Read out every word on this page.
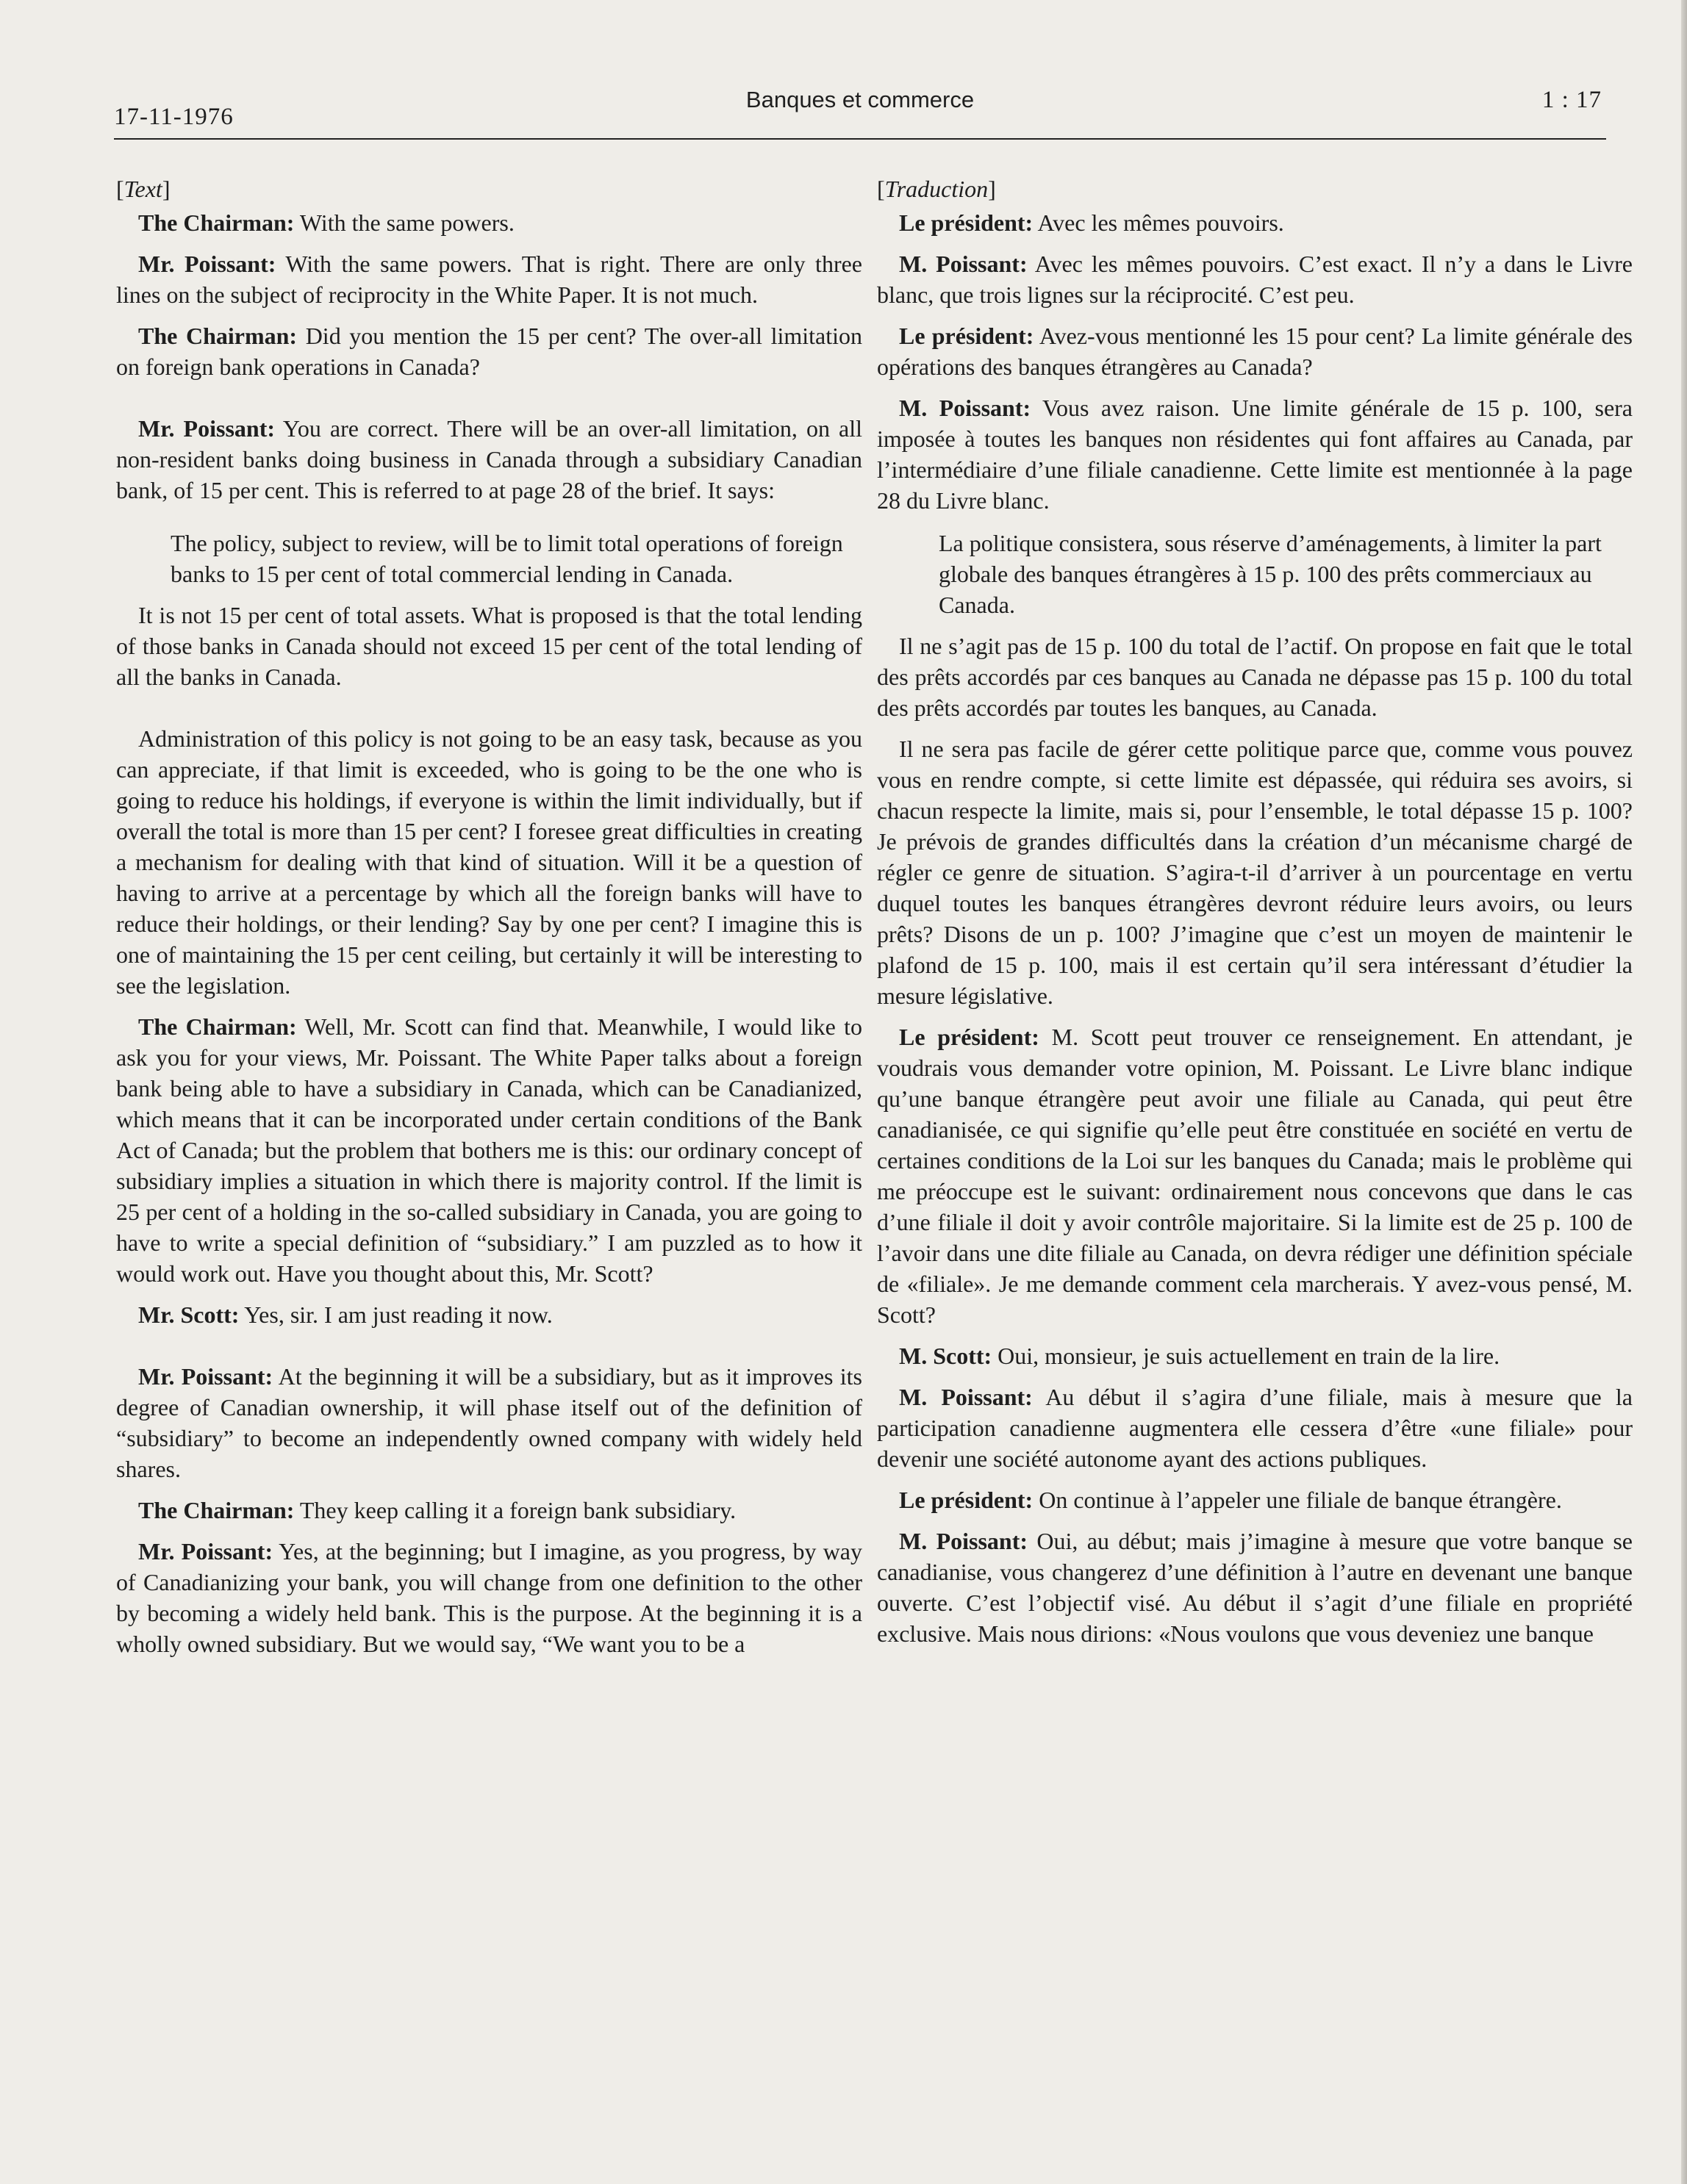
17-11-1976
Banques et commerce	1 : 17
[Text]

The Chairman: With the same powers.

Mr. Poissant: With the same powers. That is right. There are only three lines on the subject of reciprocity in the White Paper. It is not much.

The Chairman: Did you mention the 15 per cent? The over-all limitation on foreign bank operations in Canada?

Mr. Poissant: You are correct. There will be an over-all limitation, on all non-resident banks doing business in Canada through a subsidiary Canadian bank, of 15 per cent. This is referred to at page 28 of the brief. It says:

The policy, subject to review, will be to limit total operations of foreign banks to 15 per cent of total commercial lending in Canada.

It is not 15 per cent of total assets. What is proposed is that the total lending of those banks in Canada should not exceed 15 per cent of the total lending of all the banks in Canada.

Administration of this policy is not going to be an easy task, because as you can appreciate, if that limit is exceeded, who is going to be the one who is going to reduce his holdings, if everyone is within the limit individually, but if overall the total is more than 15 per cent? I foresee great difficulties in creating a mechanism for dealing with that kind of situation. Will it be a question of having to arrive at a percentage by which all the foreign banks will have to reduce their holdings, or their lending? Say by one per cent? I imagine this is one of maintaining the 15 per cent ceiling, but certainly it will be interesting to see the legislation.

The Chairman: Well, Mr. Scott can find that. Meanwhile, I would like to ask you for your views, Mr. Poissant. The White Paper talks about a foreign bank being able to have a subsidiary in Canada, which can be Canadianized, which means that it can be incorporated under certain conditions of the Bank Act of Canada; but the problem that bothers me is this: our ordinary concept of subsidiary implies a situation in which there is majority control. If the limit is 25 per cent of a holding in the so-called subsidiary in Canada, you are going to have to write a special definition of “subsidiary.” I am puzzled as to how it would work out. Have you thought about this, Mr. Scott?

Mr. Scott: Yes, sir. I am just reading it now.

Mr. Poissant: At the beginning it will be a subsidiary, but as it improves its degree of Canadian ownership, it will phase itself out of the definition of “subsidiary” to become an independently owned company with widely held shares.

The Chairman: They keep calling it a foreign bank subsidiary.

Mr. Poissant: Yes, at the beginning; but I imagine, as you progress, by way of Canadianizing your bank, you will change from one definition to the other by becoming a widely held bank. This is the purpose. At the beginning it is a wholly owned subsidiary. But we would say, “We want you to be a

[Traduction]

Le président: Avec les mêmes pouvoirs.

M. Poissant: Avec les mêmes pouvoirs. C’est exact. Il n’y a dans le Livre blanc, que trois lignes sur la réciprocité. C’est peu.

Le président: Avez-vous mentionné les 15 pour cent? La limite générale des opérations des banques étrangères au Canada?

M. Poissant: Vous avez raison. Une limite générale de 15 p. 100, sera imposée à toutes les banques non résidentes qui font affaires au Canada, par l’intermédiaire d’une filiale canadienne. Cette limite est mentionnée à la page 28 du Livre blanc.

La politique consistera, sous réserve d’aménagements, à limiter la part globale des banques étrangères à 15 p. 100 des prêts commerciaux au Canada.

Il ne s’agit pas de 15 p. 100 du total de l’actif. On propose en fait que le total des prêts accordés par ces banques au Canada ne dépasse pas 15 p. 100 du total des prêts accordés par toutes les banques, au Canada.

Il ne sera pas facile de gérer cette politique parce que, comme vous pouvez vous en rendre compte, si cette limite est dépassée, qui réduira ses avoirs, si chacun respecte la limite, mais si, pour l’ensemble, le total dépasse 15 p. 100? Je prévois de grandes difficultés dans la création d’un mécanisme chargé de régler ce genre de situation. S’agira-t-il d’arriver à un pourcentage en vertu duquel toutes les banques étrangères devront réduire leurs avoirs, ou leurs prêts? Disons de un p. 100? J’imagine que c’est un moyen de maintenir le plafond de 15 p. 100, mais il est certain qu’il sera intéressant d’étudier la mesure législative.

Le président: M. Scott peut trouver ce renseignement. En attendant, je voudrais vous demander votre opinion, M. Poissant. Le Livre blanc indique qu’une banque étrangère peut avoir une filiale au Canada, qui peut être canadianisée, ce qui signifie qu’elle peut être constituée en société en vertu de certaines conditions de la Loi sur les banques du Canada; mais le problème qui me préoccupe est le suivant: ordinairement nous concevons que dans le cas d’une filiale il doit y avoir contrôle majoritaire. Si la limite est de 25 p. 100 de l’avoir dans une dite filiale au Canada, on devra rédiger une définition spéciale de «filiale». Je me demande comment cela marcherais. Y avez-vous pensé, M. Scott?

M. Scott: Oui, monsieur, je suis actuellement en train de la lire.

M. Poissant: Au début il s’agira d’une filiale, mais à mesure que la participation canadienne augmentera elle cessera d’être «une filiale» pour devenir une société autonome ayant des actions publiques.

Le président: On continue à l’appeler une filiale de banque étrangère.

M. Poissant: Oui, au début; mais j’imagine à mesure que votre banque se canadianise, vous changerez d’une définition à l’autre en devenant une banque ouverte. C’est l’objectif visé. Au début il s’agit d’une filiale en propriété exclusive. Mais nous dirions: «Nous voulons que vous deveniez une banque
